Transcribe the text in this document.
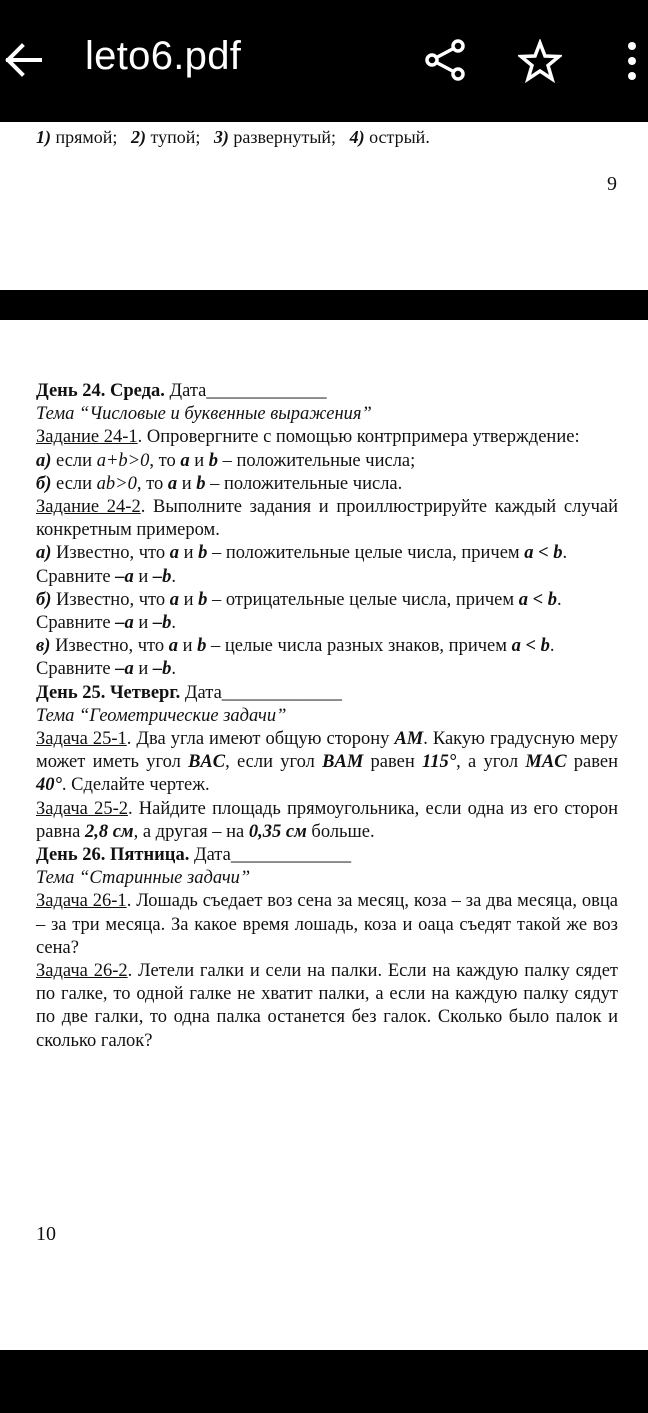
leto6.pdf
1) прямой; 2) тупой; 3) развернутый; 4) острый.
9

День 24. Среда. Дата_____________

Тема “Числовые и буквенные выражения”

Задание 24-1. Опровергните с помощью контрпримера утверждение:

а) если a+b>0, то a и b – положительные числа;

б) если ab>0, то a и b – положительные числа.

Задание 24-2. Выполните задания и проиллюстрируйте каждый случай конкретным примером.

а) Известно, что a и b – положительные целые числа, причем a < b.
Сравните –a и –b.

б) Известно, что a и b – отрицательные целые числа, причем a < b.
Сравните –a и –b.

в) Известно, что a и b – целые числа разных знаков, причем a < b.
Сравните –a и –b.

День 25. Четверг. Дата_____________

Тема “Геометрические задачи”

Задача 25-1. Два угла имеют общую сторону AM. Какую градусную меру может иметь угол BAC, если угол BAM равен 115°, а угол MAC равен 40°. Сделайте чертеж.

Задача 25-2. Найдите площадь прямоугольника, если одна из его сторон равна 2,8 см, а другая – на 0,35 см больше.

День 26. Пятница. Дата_____________

Тема “Старинные задачи”

Задача 26-1. Лошадь съедает воз сена за месяц, коза – за два месяца, овца – за три месяца. За какое время лошадь, коза и оаца съедят такой же воз сена?

Задача 26-2. Летели галки и сели на палки. Если на каждую палку сядет по галке, то одной галке не хватит палки, а если на каждую палку сядут по две галки, то одна палка останется без галок. Сколько было палок и сколько галок?

10
